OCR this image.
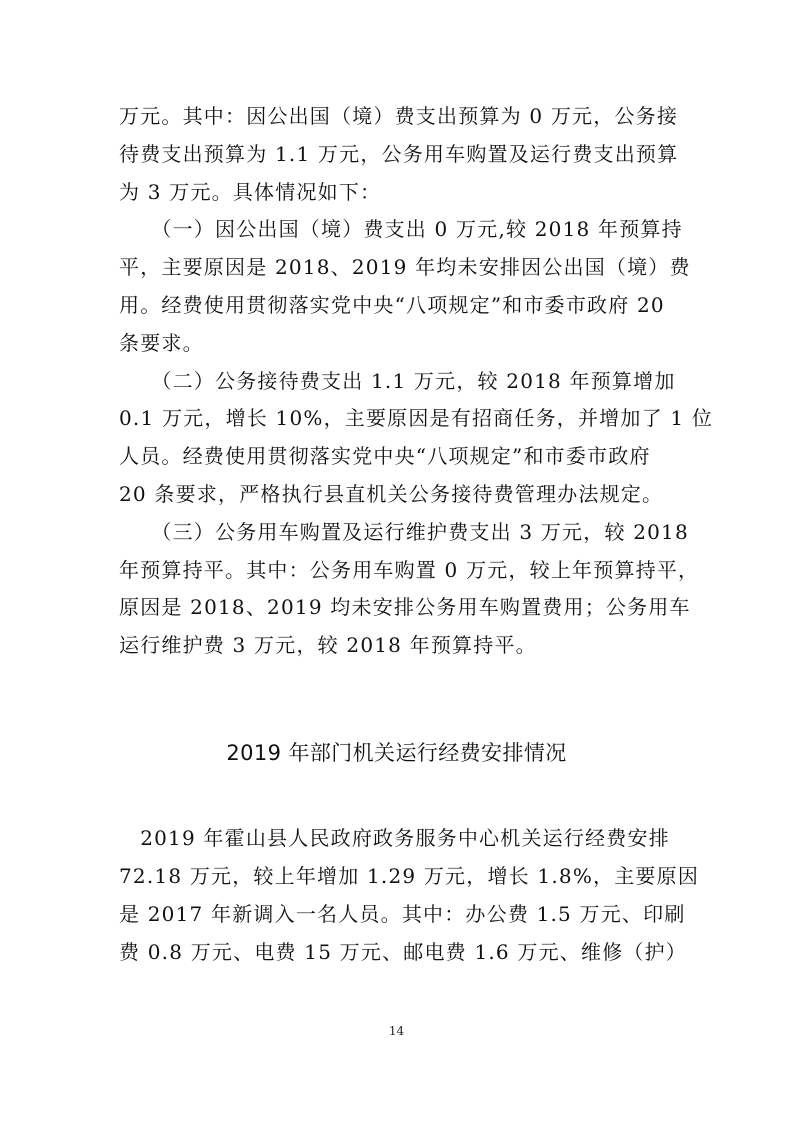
万元。其中：因公出国（境）费支出预算为 0 万元，公务接
待费支出预算为 1.1 万元，公务用车购置及运行费支出预算
为 3 万元。具体情况如下：
　　（一）因公出国（境）费支出 0 万元,较 2018 年预算持
平，主要原因是 2018、2019 年均未安排因公出国（境）费
用。经费使用贯彻落实党中央“八项规定”和市委市政府 20
条要求。
　　（二）公务接待费支出 1.1 万元，较 2018 年预算增加
0.1 万元，增长 10%，主要原因是有招商任务，并增加了 1 位
人员。经费使用贯彻落实党中央“八项规定”和市委市政府
20 条要求，严格执行县直机关公务接待费管理办法规定。
　　（三）公务用车购置及运行维护费支出 3 万元，较 2018
年预算持平。其中：公务用车购置 0 万元，较上年预算持平，
原因是 2018、2019 均未安排公务用车购置费用；公务用车
运行维护费 3 万元，较 2018 年预算持平。
2019 年部门机关运行经费安排情况
　2019 年霍山县人民政府政务服务中心机关运行经费安排
72.18 万元，较上年增加 1.29 万元，增长 1.8%，主要原因
是 2017 年新调入一名人员。其中：办公费 1.5 万元、印刷
费 0.8 万元、电费 15 万元、邮电费 1.6 万元、维修（护）
14
